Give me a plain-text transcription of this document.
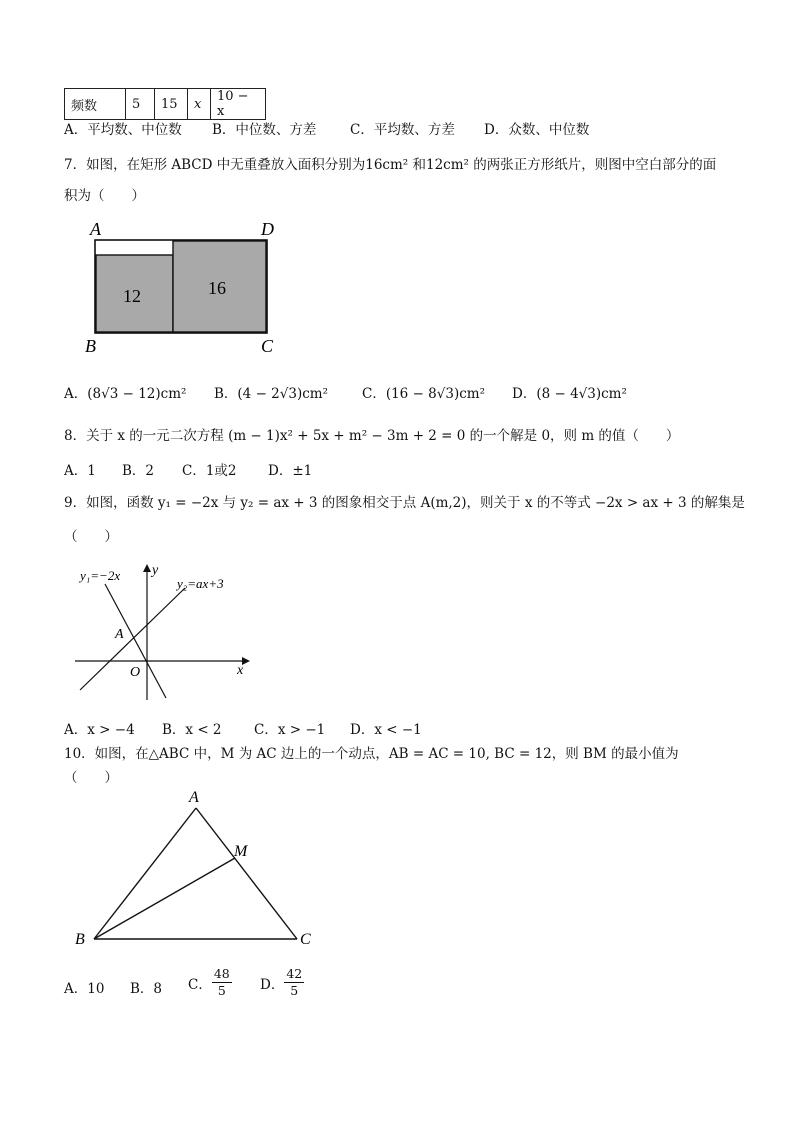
频数	5	15	x	10 − x
A．平均数、中位数 B．中位数、方差 C．平均数、方差 D．众数、中位数
7．如图，在矩形 ABCD 中无重叠放入面积分别为16cm² 和12cm² 的两张正方形纸片，则图中空白部分的面
积为（　　）
A	D
B	C
12	16
A．(8√3 − 12)cm² B．(4 − 2√3)cm²	C．(16 − 8√3)cm² D．(8 − 4√3)cm²
8．关于 x 的一元二次方程 (m − 1)x² + 5x + m² − 3m + 2 = 0 的一个解是 0，则 m 的值（　　）
A．1 B．2 C．1或2 D．±1
9．如图，函数 y₁ = −2x 与 y₂ = ax + 3 的图象相交于点 A(m,2)，则关于 x 的不等式 −2x > ax + 3 的解集是
（　　）
y₁=−2x
y₂=ax+3
A
O	x
y
A．x > −4 B．x < 2 C．x > −1 D．x < −1
10．如图，在△ABC 中，M 为 AC 边上的一个动点，AB = AC = 10, BC = 12，则 BM 的最小值为
（　　）
A
M
B	C
A．10 B．8 C． $\frac{48}{5}$ D． $\frac{42}{5}$
